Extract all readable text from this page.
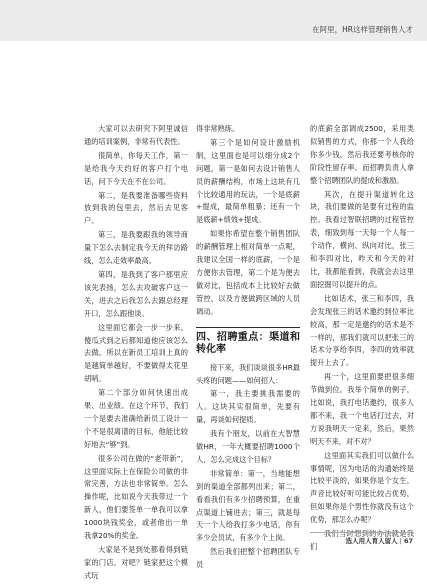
在阿里，HR这样管理销售人才

大家可以去研究下阿里诚信通的培训案例，非常有代表性。

很简单，你每天工作，第一是给我今天约好的客户打个电话，问下今天在不在公司。

第二，是我要准备哪些资料放到我的包里去，然后去见客户。

第三，是我要跟我的领导商量下怎么去制定我今天的拜访路线，怎么走效率最高。

第四，是我到了客户那里应该先表扬，怎么去攻破客户这一关，进去之后我怎么去跟总经理开口，怎么跟他谈。

这里面它都会一步一步来，傻瓜式到之后都知道他应该怎么去做。所以在新员工培训上真的是越简单越好，不要做得太花里胡哨。

第二个部分如何快速出成果、出业绩。在这个环节，我们一个是要去准确给新员工设计一个不是很离谱的目标，他能比较好地去“够”到。

很多公司在做的“老带新”，这里面实际上在保险公司做的非常完善，方法也非常简单。怎么操作呢，比如说今天我带过一个新人，他们要签单一单我可以拿1000块钱奖金，或者他出一单我拿20%的奖金。

大家是不是到处都看得到链家的门店，对吧？链家把这个模式玩

得非常熟练。

第三个是如何设计激励机制，这里面也是可以细分成2个问题，第一是如何去设计销售人员的薪酬结构，市场上这块有几个比较通用的玩法，一个是底薪+提成，最简单粗暴；还有一个是底薪+绩效+提成。

如果你希望在整个销售团队的薪酬管理上相对简单一点呢，我建议全国一样的底薪，一个是方便你去管理，第二个是为便去做对比，包括成本上比较好去做管控，以及方便做跨区域的人员调动。

四、招聘重点：渠道和转化率

接下来，我们谈谈很多HR最头疼的问题——如何招人：

第一，我主要挑我需要的人。这块其实很简单，先要有量，再谈如何提质。

我有个朋友，以前在大智慧做HR，一年大概要招聘1000个人，怎么完成这个目标？

非常简单：第一，当地能想到的渠道全部都列出来；第二，看看我们有多少招聘预算，在重点渠道上铺进去；第三，就是每天一个人给我打多少电话，你有多少会员试，有多少个上岗。

然后我们把整个招聘团队专员

的底薪全部调成2500，采用类似销售的方式，你那一个人我给你多少钱，然后我还要考核你的阶段性留存率。而招聘负责人拿整个招聘团队的提成和激励。

其次，在提升渠道转化这块，我们要做的是要有过程的监控。我看过智联招聘的过程管控表，细致到每一天每一个人每一个动作，横向、纵向对比，张三和李四对比，昨天和今天的对比，我都能看到，我就会去这里面挖掘可以提升的点。

比如话术，张三和李四，我会发现张三的话术邀约到位率比较高，那一定是邀约的话术是不一样的，那我们就可以把张三的话术分享给李四，李四的效率就提升上去了。

再一个，这里面要把很多细节做到位。我举个简单的例子，比如说，我打电话邀约，很多人都不来，我一个电话打过去，对方说我明天一定来，然后，果然明天不来，对不对？

这里面其实我们可以做什么事情呢，因为电话的沟通始终是比较平淡的，如果你是个女生，声音比较好听可能比较占优势，但如果你是个男性你就没有这个优势，那怎么办呢？

我们当时想到的办法就是我们

选人用人育人留人 | 67
